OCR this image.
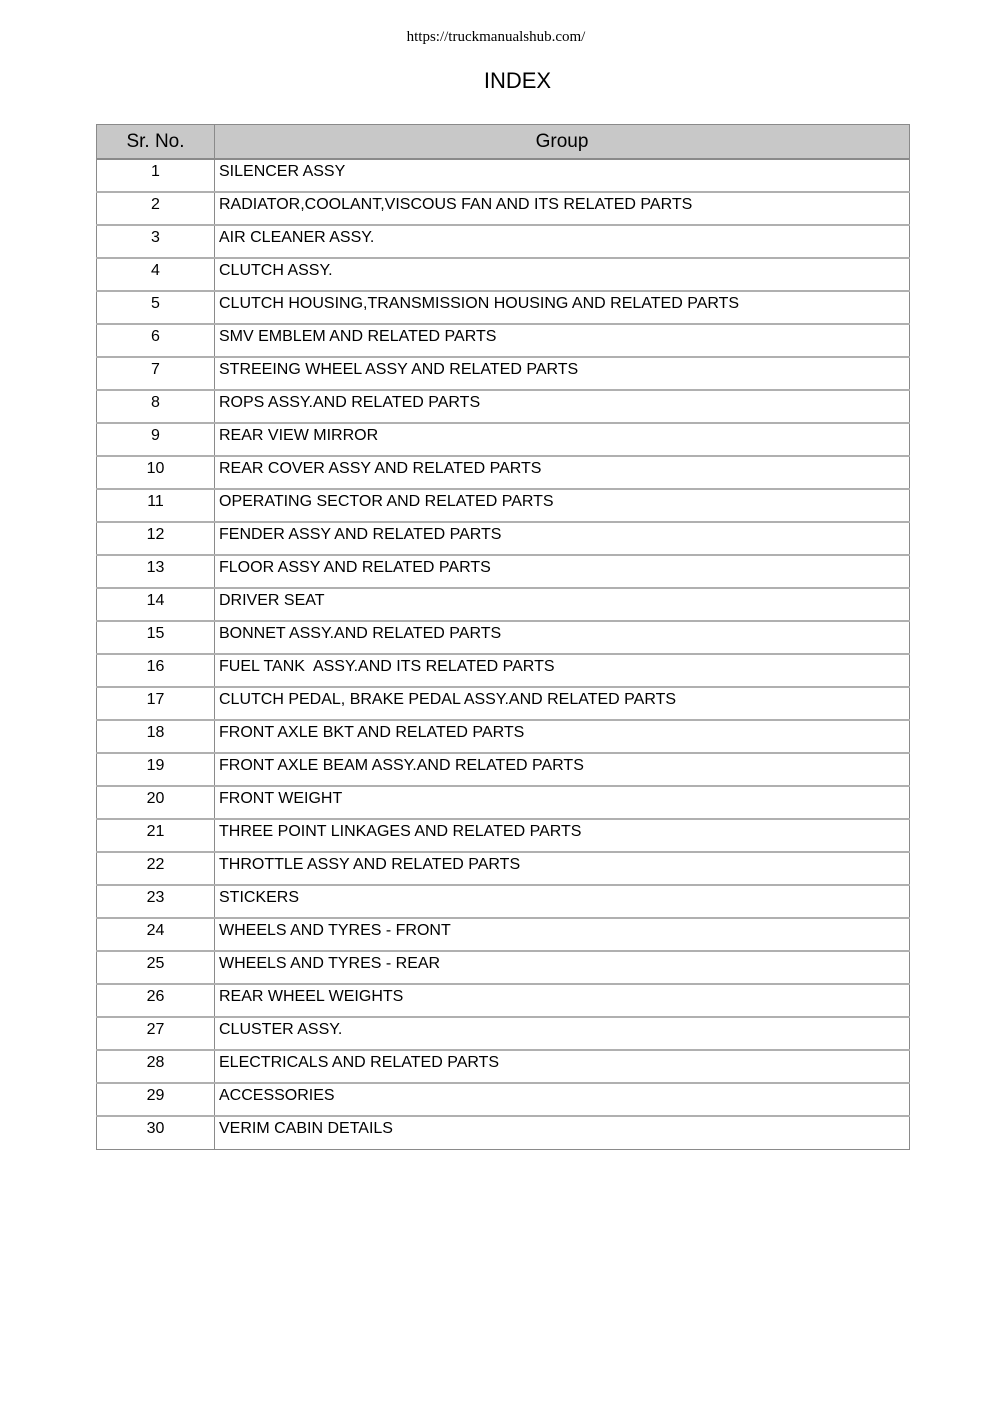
https://truckmanualshub.com/
INDEX
Sr. No.	Group
1	SILENCER ASSY
2	RADIATOR,COOLANT,VISCOUS FAN AND ITS RELATED PARTS
3	AIR CLEANER ASSY.
4	CLUTCH ASSY.
5	CLUTCH HOUSING,TRANSMISSION HOUSING AND RELATED PARTS
6	SMV EMBLEM AND RELATED PARTS
7	STREEING WHEEL ASSY AND RELATED PARTS
8	ROPS ASSY.AND RELATED PARTS
9	REAR VIEW MIRROR
10	REAR COVER ASSY AND RELATED PARTS
11	OPERATING SECTOR AND RELATED PARTS
12	FENDER ASSY AND RELATED PARTS
13	FLOOR ASSY AND RELATED PARTS
14	DRIVER SEAT
15	BONNET ASSY.AND RELATED PARTS
16	FUEL TANK  ASSY.AND ITS RELATED PARTS
17	CLUTCH PEDAL, BRAKE PEDAL ASSY.AND RELATED PARTS
18	FRONT AXLE BKT AND RELATED PARTS
19	FRONT AXLE BEAM ASSY.AND RELATED PARTS
20	FRONT WEIGHT
21	THREE POINT LINKAGES AND RELATED PARTS
22	THROTTLE ASSY AND RELATED PARTS
23	STICKERS
24	WHEELS AND TYRES - FRONT
25	WHEELS AND TYRES - REAR
26	REAR WHEEL WEIGHTS
27	CLUSTER ASSY.
28	ELECTRICALS AND RELATED PARTS
29	ACCESSORIES
30	VERIM CABIN DETAILS
